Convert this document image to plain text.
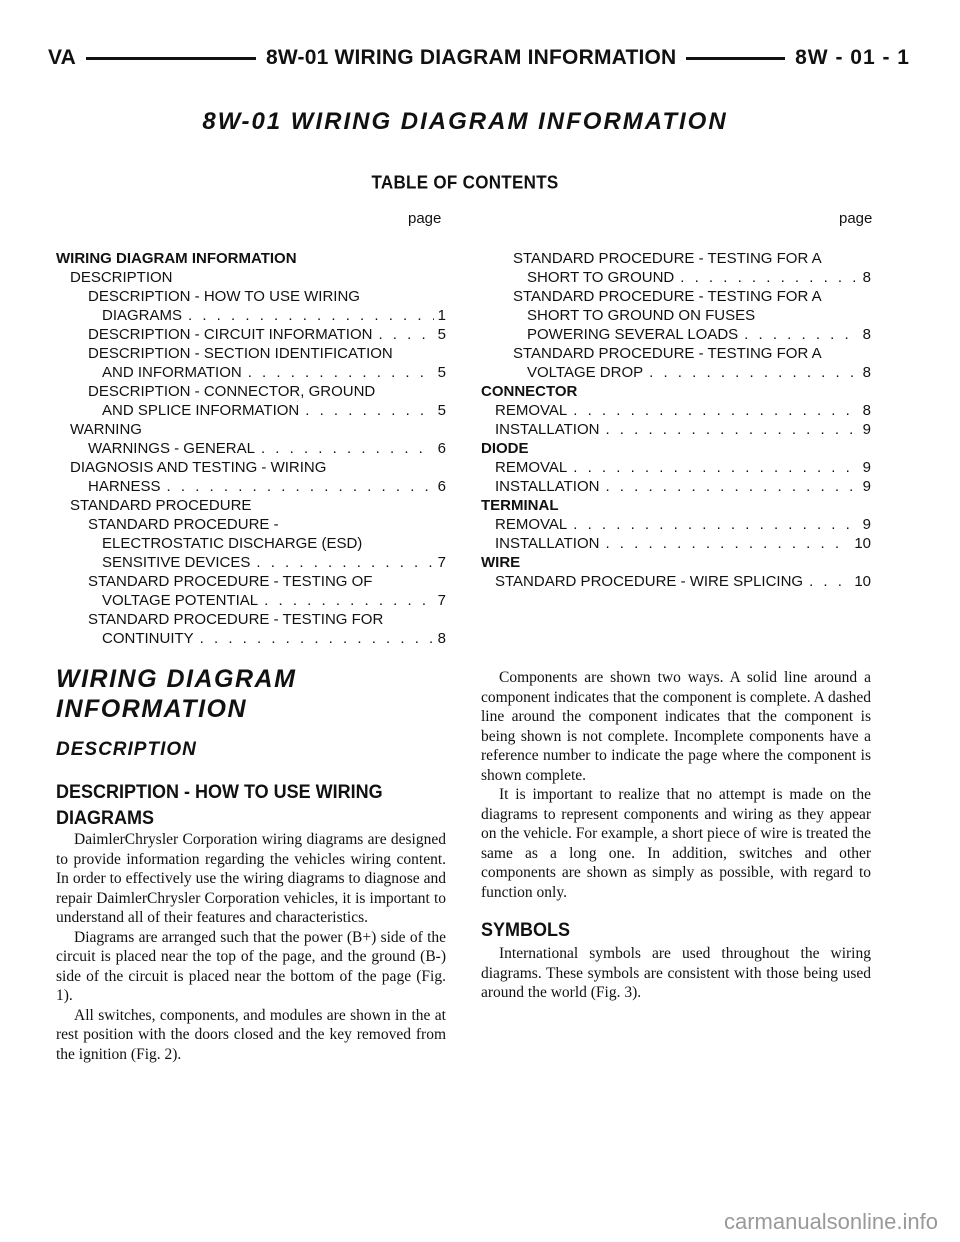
VA	8W-01 WIRING DIAGRAM INFORMATION	8W - 01 - 1
8W-01 WIRING DIAGRAM INFORMATION
TABLE OF CONTENTS
page	page
WIRING DIAGRAM INFORMATION
DESCRIPTION
DESCRIPTION - HOW TO USE WIRING
DIAGRAMS . . .	1
DESCRIPTION - CIRCUIT INFORMATION . . .	5
DESCRIPTION - SECTION IDENTIFICATION
AND INFORMATION . . .	5
DESCRIPTION - CONNECTOR, GROUND
AND SPLICE INFORMATION . . .	5
WARNING
WARNINGS - GENERAL . . .	6
DIAGNOSIS AND TESTING - WIRING
HARNESS . . .	6
STANDARD PROCEDURE
STANDARD PROCEDURE -
ELECTROSTATIC DISCHARGE (ESD)
SENSITIVE DEVICES . . .	7
STANDARD PROCEDURE - TESTING OF
VOLTAGE POTENTIAL . . .	7
STANDARD PROCEDURE - TESTING FOR
CONTINUITY . . .	8
STANDARD PROCEDURE - TESTING FOR A
SHORT TO GROUND . . .	8
STANDARD PROCEDURE - TESTING FOR A
SHORT TO GROUND ON FUSES
POWERING SEVERAL LOADS . . .	8
STANDARD PROCEDURE - TESTING FOR A
VOLTAGE DROP . . .	8
CONNECTOR
REMOVAL . . .	8
INSTALLATION . . .	9
DIODE
REMOVAL . . .	9
INSTALLATION . . .	9
TERMINAL
REMOVAL . . .	9
INSTALLATION . . .	10
WIRE
STANDARD PROCEDURE - WIRE SPLICING . . .	10
WIRING DIAGRAM
INFORMATION
DESCRIPTION
DESCRIPTION - HOW TO USE WIRING
DIAGRAMS

DaimlerChrysler Corporation wiring diagrams are designed to provide information regarding the vehicles wiring content. In order to effectively use the wiring diagrams to diagnose and repair DaimlerChrysler Corporation vehicles, it is important to understand all of their features and characteristics.

Diagrams are arranged such that the power (B+) side of the circuit is placed near the top of the page, and the ground (B-) side of the circuit is placed near the bottom of the page (Fig. 1).

All switches, components, and modules are shown in the at rest position with the doors closed and the key removed from the ignition (Fig. 2).

Components are shown two ways. A solid line around a component indicates that the component is complete. A dashed line around the component indicates that the component is being shown is not complete. Incomplete components have a reference number to indicate the page where the component is shown complete.

It is important to realize that no attempt is made on the diagrams to represent components and wiring as they appear on the vehicle. For example, a short piece of wire is treated the same as a long one. In addition, switches and other components are shown as simply as possible, with regard to function only.

SYMBOLS

International symbols are used throughout the wiring diagrams. These symbols are consistent with those being used around the world (Fig. 3).

carmanualsonline.info
